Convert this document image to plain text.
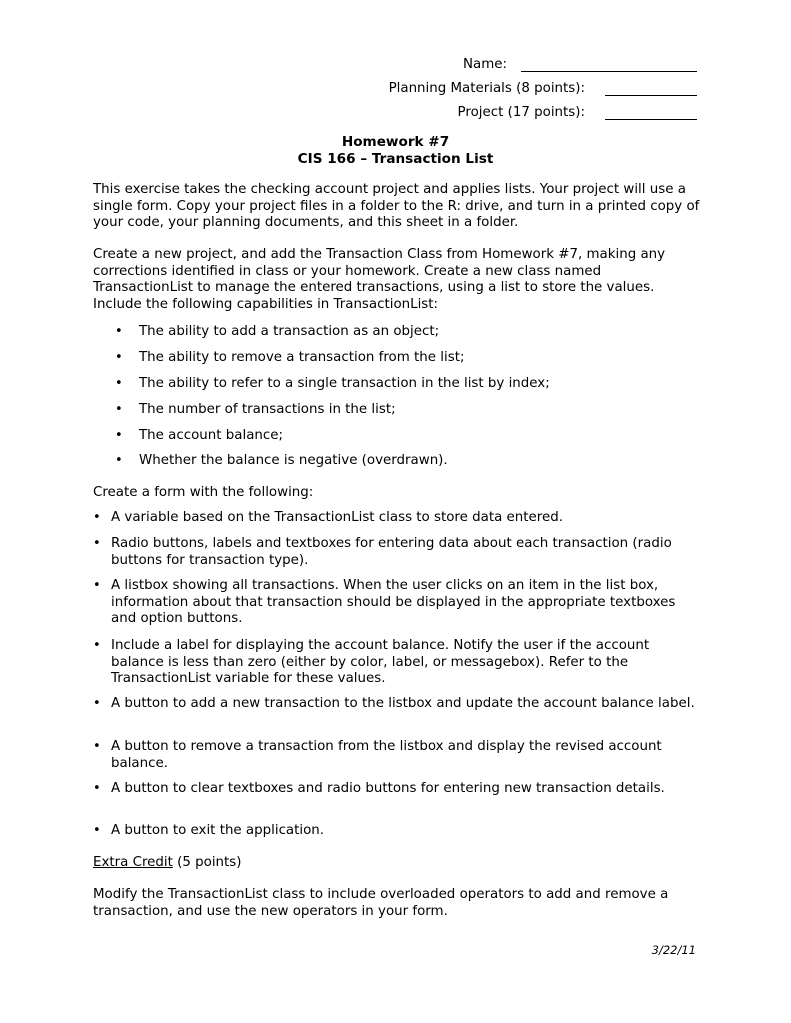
Name:
Planning Materials (8 points):
Project (17 points):
Homework #7
CIS 166 – Transaction List

This exercise takes the checking account project and applies lists. Your project will use a single form. Copy your project files in a folder to the R: drive, and turn in a printed copy of your code, your planning documents, and this sheet in a folder.

Create a new project, and add the Transaction Class from Homework #7, making any corrections identified in class or your homework. Create a new class named TransactionList to manage the entered transactions, using a list to store the values. Include the following capabilities in TransactionList:

• The ability to add a transaction as an object;
• The ability to remove a transaction from the list;
• The ability to refer to a single transaction in the list by index;
• The number of transactions in the list;
• The account balance;
• Whether the balance is negative (overdrawn).

Create a form with the following:

• A variable based on the TransactionList class to store data entered.
• Radio buttons, labels and textboxes for entering data about each transaction (radio buttons for transaction type).
• A listbox showing all transactions. When the user clicks on an item in the list box, information about that transaction should be displayed in the appropriate textboxes and option buttons.
• Include a label for displaying the account balance. Notify the user if the account balance is less than zero (either by color, label, or messagebox). Refer to the TransactionList variable for these values.
• A button to add a new transaction to the listbox and update the account balance label.
• A button to remove a transaction from the listbox and display the revised account balance.
• A button to clear textboxes and radio buttons for entering new transaction details.
• A button to exit the application.
Extra Credit (5 points)

Modify the TransactionList class to include overloaded operators to add and remove a transaction, and use the new operators in your form.

3/22/11
